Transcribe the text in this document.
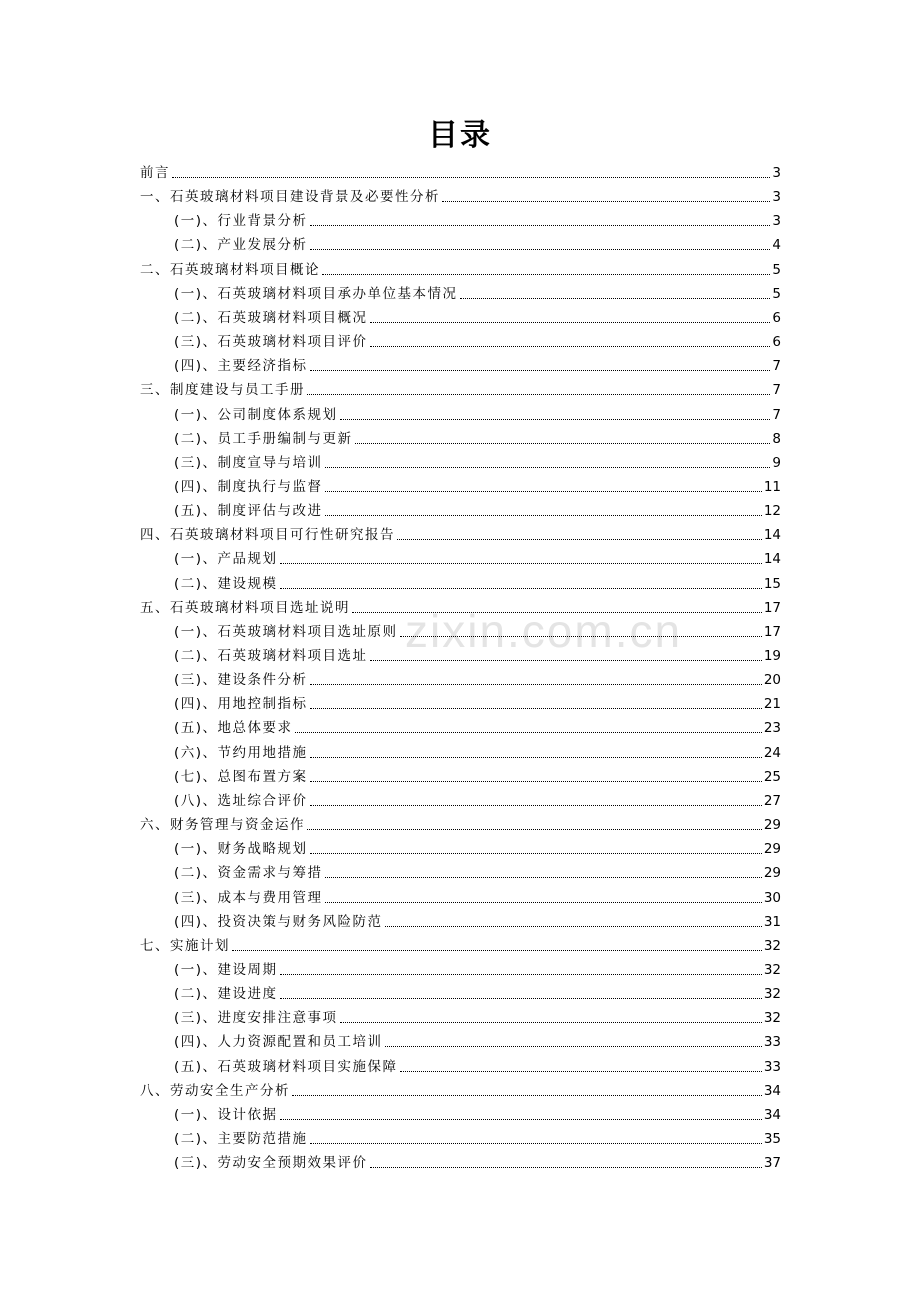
zixin.com.cn
目录
前言	3
一、石英玻璃材料项目建设背景及必要性分析	3
(一)、行业背景分析	3
(二)、产业发展分析	4
二、石英玻璃材料项目概论	5
(一)、石英玻璃材料项目承办单位基本情况	5
(二)、石英玻璃材料项目概况	6
(三)、石英玻璃材料项目评价	6
(四)、主要经济指标	7
三、制度建设与员工手册	7
(一)、公司制度体系规划	7
(二)、员工手册编制与更新	8
(三)、制度宣导与培训	9
(四)、制度执行与监督	11
(五)、制度评估与改进	12
四、石英玻璃材料项目可行性研究报告	14
(一)、产品规划	14
(二)、建设规模	15
五、石英玻璃材料项目选址说明	17
(一)、石英玻璃材料项目选址原则	17
(二)、石英玻璃材料项目选址	19
(三)、建设条件分析	20
(四)、用地控制指标	21
(五)、地总体要求	23
(六)、节约用地措施	24
(七)、总图布置方案	25
(八)、选址综合评价	27
六、财务管理与资金运作	29
(一)、财务战略规划	29
(二)、资金需求与筹措	29
(三)、成本与费用管理	30
(四)、投资决策与财务风险防范	31
七、实施计划	32
(一)、建设周期	32
(二)、建设进度	32
(三)、进度安排注意事项	32
(四)、人力资源配置和员工培训	33
(五)、石英玻璃材料项目实施保障	33
八、劳动安全生产分析	34
(一)、设计依据	34
(二)、主要防范措施	35
(三)、劳动安全预期效果评价	37
